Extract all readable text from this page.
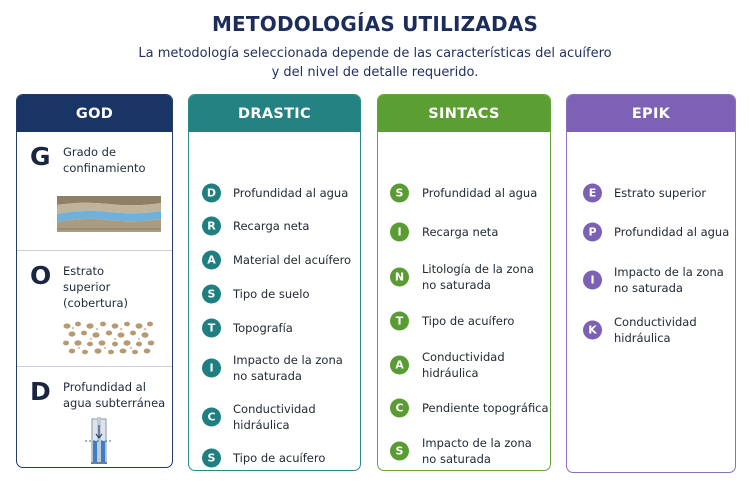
METODOLOGÍAS UTILIZADAS
La metodología seleccionada depende de las características del acuífero
y del nivel de detalle requerido.
GOD
G Grado de
confinamiento
O Estrato
superior
(cobertura)
D Profundidad al
agua subterránea
DRASTIC
D	Profundidad al agua
R	Recarga neta
A	Material del acuífero
S	Tipo de suelo
T	Topografía
I
Impacto de la zona
no saturada
C
Conductividad
hidráulica
S	Tipo de acuífero
SINTACS
S	Profundidad al agua
I	Recarga neta
N
Litología de la zona
no saturada
T	Tipo de acuífero
A
Conductividad
hidráulica
C	Pendiente topográfica
S
Impacto de la zona
no saturada
EPIK
E	Estrato superior
P	Profundidad al agua
I
Impacto de la zona
no saturada
K
Conductividad
hidráulica
